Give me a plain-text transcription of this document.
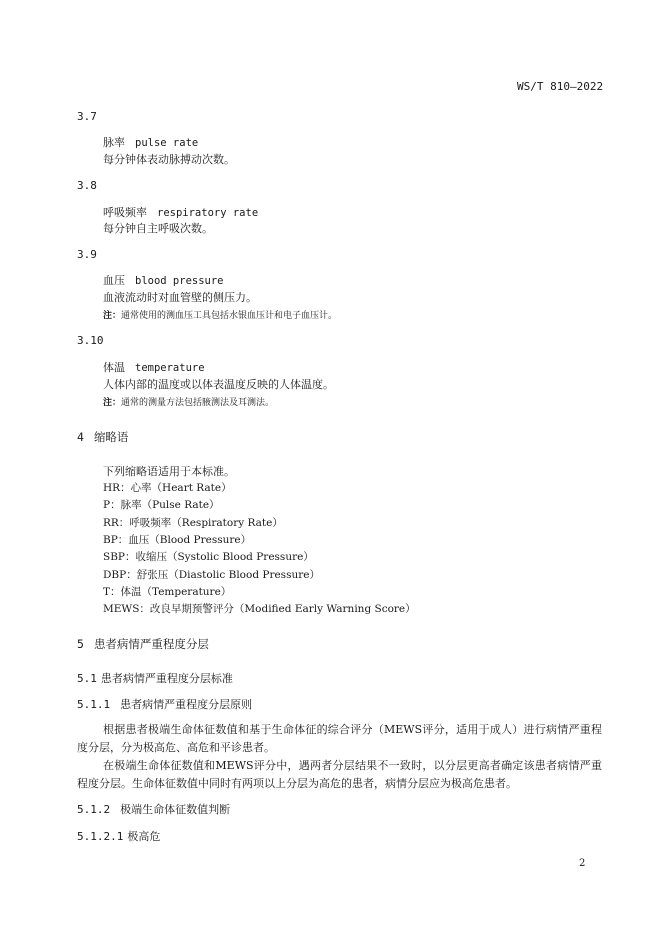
WS/T 810—2022
3.7
脉率 pulse rate
每分钟体表动脉搏动次数。
3.8
呼吸频率 respiratory rate
每分钟自主呼吸次数。
3.9
血压 blood pressure
血液流动时对血管壁的侧压力。
注：通常使用的测血压工具包括水银血压计和电子血压计。
3.10
体温 temperature
人体内部的温度或以体表温度反映的人体温度。
注：通常的测量方法包括腋测法及耳测法。
4 缩略语
下列缩略语适用于本标准。
HR：心率（Heart Rate）
P：脉率（Pulse Rate）
RR：呼吸频率（Respiratory Rate）
BP：血压（Blood Pressure）
SBP：收缩压（Systolic Blood Pressure）
DBP：舒张压（Diastolic Blood Pressure）
T：体温（Temperature）
MEWS：改良早期预警评分（Modified Early Warning Score）
5 患者病情严重程度分层
5.1 患者病情严重程度分层标准
5.1.1 患者病情严重程度分层原则
根据患者极端生命体征数值和基于生命体征的综合评分（MEWS评分，适用于成人）进行病情严重程度分层，分为极高危、高危和平诊患者。
在极端生命体征数值和MEWS评分中，遇两者分层结果不一致时，以分层更高者确定该患者病情严重程度分层。生命体征数值中同时有两项以上分层为高危的患者，病情分层应为极高危患者。
5.1.2 极端生命体征数值判断
5.1.2.1 极高危
2
